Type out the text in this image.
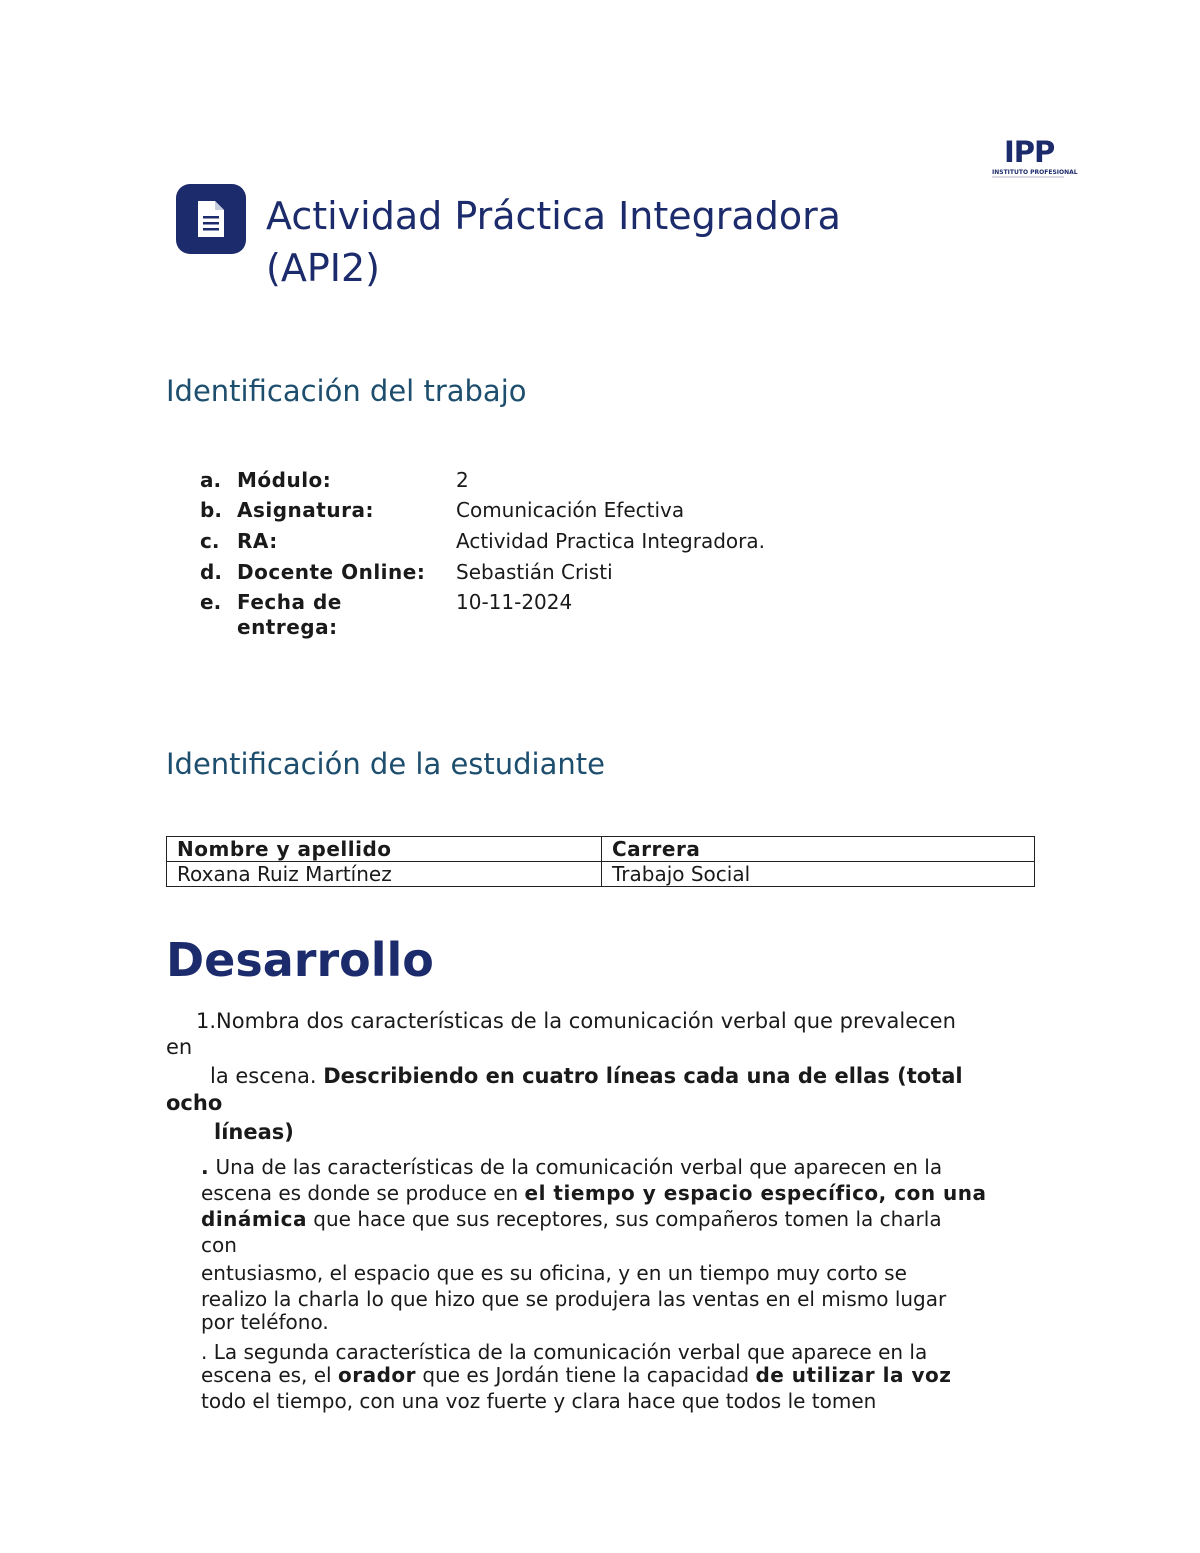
IPP
INSTITUTO PROFESIONAL
Actividad Práctica Integradora (API2)
Identificación del trabajo
a. Módulo:	2
b. Asignatura:	Comunicación Efectiva
c. RA:	Actividad Practica Integradora.
d. Docente Online:	Sebastián Cristi
e. Fecha de	10-11-2024
entrega:
Identificación de la estudiante
Nombre y apellido	Carrera
Roxana Ruiz Martínez	Trabajo Social
Desarrollo
1.Nombra dos características de la comunicación verbal que prevalecen
en
la escena. Describiendo en cuatro líneas cada una de ellas (total
ocho
líneas)
. Una de las características de la comunicación verbal que aparecen en la
escena es donde se produce en el tiempo y espacio específico, con una
dinámica que hace que sus receptores, sus compañeros tomen la charla
con
entusiasmo, el espacio que es su oficina, y en un tiempo muy corto se
realizo la charla lo que hizo que se produjera las ventas en el mismo lugar
por teléfono.
. La segunda característica de la comunicación verbal que aparece en la
escena es, el orador que es Jordán tiene la capacidad de utilizar la voz
todo el tiempo, con una voz fuerte y clara hace que todos le tomen
